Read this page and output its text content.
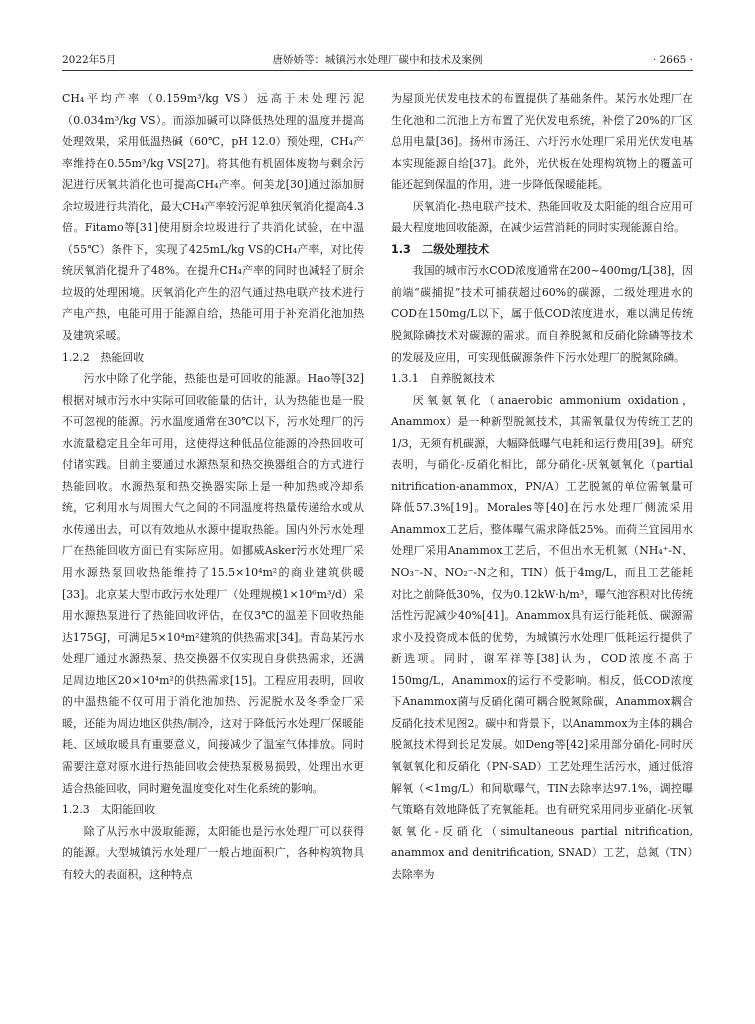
2022年5月	唐娇娇等：城镇污水处理厂碳中和技术及案例	· 2665 ·

CH₄平均产率（0.159m³/kg VS）远高于未处理污泥（0.034m³/kg VS）。而添加碱可以降低热处理的温度并提高处理效果，采用低温热碱（60℃，pH 12.0）预处理，CH₄产率维持在0.55m³/kg VS[27]。将其他有机固体废物与剩余污泥进行厌氧共消化也可提高CH₄产率。何美龙[30]通过添加厨余垃圾进行共消化，最大CH₄产率较污泥单独厌氧消化提高4.3倍。Fitamo等[31]使用厨余垃圾进行了共消化试验，在中温（55℃）条件下，实现了425mL/kg VS的CH₄产率，对比传统厌氧消化提升了48%。在提升CH₄产率的同时也减轻了厨余垃圾的处理困境。厌氧消化产生的沼气通过热电联产技术进行产电产热，电能可用于能源自给，热能可用于补充消化池加热及建筑采暖。

1.2.2　热能回收

污水中除了化学能，热能也是可回收的能源。Hao等[32]根据对城市污水中实际可回收能量的估计，认为热能也是一股不可忽视的能源。污水温度通常在30℃以下，污水处理厂的污水流量稳定且全年可用，这使得这种低品位能源的冷热回收可付诸实践。目前主要通过水源热泵和热交换器组合的方式进行热能回收。水源热泵和热交换器实际上是一种加热或冷却系统，它利用水与周围大气之间的不同温度将热量传递给水或从水传递出去，可以有效地从水源中提取热能。国内外污水处理厂在热能回收方面已有实际应用。如挪威Asker污水处理厂采用水源热泵回收热能维持了15.5×10⁴m²的商业建筑供暖[33]。北京某大型市政污水处理厂（处理规模1×10⁶m³/d）采用水源热泵进行了热能回收评估，在仅3℃的温差下回收热能达175GJ，可满足5×10⁴m²建筑的供热需求[34]。青岛某污水处理厂通过水源热泵、热交换器不仅实现自身供热需求，还满足周边地区20×10⁴m²的供热需求[15]。工程应用表明，回收的中温热能不仅可用于消化池加热、污泥脱水及冬季金厂采暖，还能为周边地区供热/制冷，这对于降低污水处理厂保暖能耗、区域取暖具有重要意义，间接减少了温室气体排放。同时需要注意对原水进行热能回收会使热泵极易损毁，处理出水更适合热能回收，同时避免温度变化对生化系统的影响。

1.2.3　太阳能回收

除了从污水中汲取能源，太阳能也是污水处理厂可以获得的能源。大型城镇污水处理厂一般占地面积广，各种构筑物具有较大的表面积，这种特点

为屋顶光伏发电技术的布置提供了基础条件。某污水处理厂在生化池和二沉池上方布置了光伏发电系统，补偿了20%的厂区总用电量[36]。扬州市汤汪、六圩污水处理厂采用光伏发电基本实现能源自给[37]。此外，光伏板在处理构筑物上的覆盖可能还起到保温的作用，进一步降低保暖能耗。

厌氧消化-热电联产技术、热能回收及太阳能的组合应用可最大程度地回收能源，在减少运营消耗的同时实现能源自给。

1.3　二级处理技术

我国的城市污水COD浓度通常在200~400mg/L[38]，因前端“碳捕捉”技术可捕获超过60%的碳源，二级处理进水的COD在150mg/L以下，属于低COD浓度进水，难以满足传统脱氮除磷技术对碳源的需求。而自养脱氮和反硝化除磷等技术的发展及应用，可实现低碳源条件下污水处理厂的脱氮除磷。

1.3.1　自养脱氮技术

厌氧氨氧化（anaerobic ammonium oxidation，Anammox）是一种新型脱氮技术，其需氧量仅为传统工艺的1/3，无须有机碳源，大幅降低曝气电耗和运行费用[39]。研究表明，与硝化-反硝化相比，部分硝化-厌氧氨氧化（partial nitrification-anammox，PN/A）工艺脱氮的单位需氧量可降低57.3%[19]。Morales等[40]在污水处理厂侧流采用Anammox工艺后，整体曝气需求降低25%。而荷兰宜园用水处理厂采用Anammox工艺后，不但出水无机氮（NH₄⁺-N、NO₃⁻-N、NO₂⁻-N之和，TIN）低于4mg/L，而且工艺能耗对比之前降低30%，仅为0.12kW·h/m³，曝气池容积对比传统活性污泥减少40%[41]。Anammox具有运行能耗低、碳源需求小及投资成本低的优势，为城镇污水处理厂低耗运行提供了新选项。同时，谢军祥等[38]认为，COD浓度不高于150mg/L，Anammox的运行不受影响。相反，低COD浓度下Anammox菌与反硝化菌可耦合脱氮除碳，Anammox耦合反硝化技术见图2。碳中和背景下，以Anammox为主体的耦合脱氮技术得到长足发展。如Deng等[42]采用部分硝化-同时厌氧氨氧化和反硝化（PN-SAD）工艺处理生活污水，通过低溶解氧（<1mg/L）和间歇曝气，TIN去除率达97.1%，调控曝气策略有效地降低了充氧能耗。也有研究采用同步亚硝化-厌氧氨氧化-反硝化（simultaneous partial nitrification, anammox and denitrification, SNAD）工艺，总氮（TN）去除率为
